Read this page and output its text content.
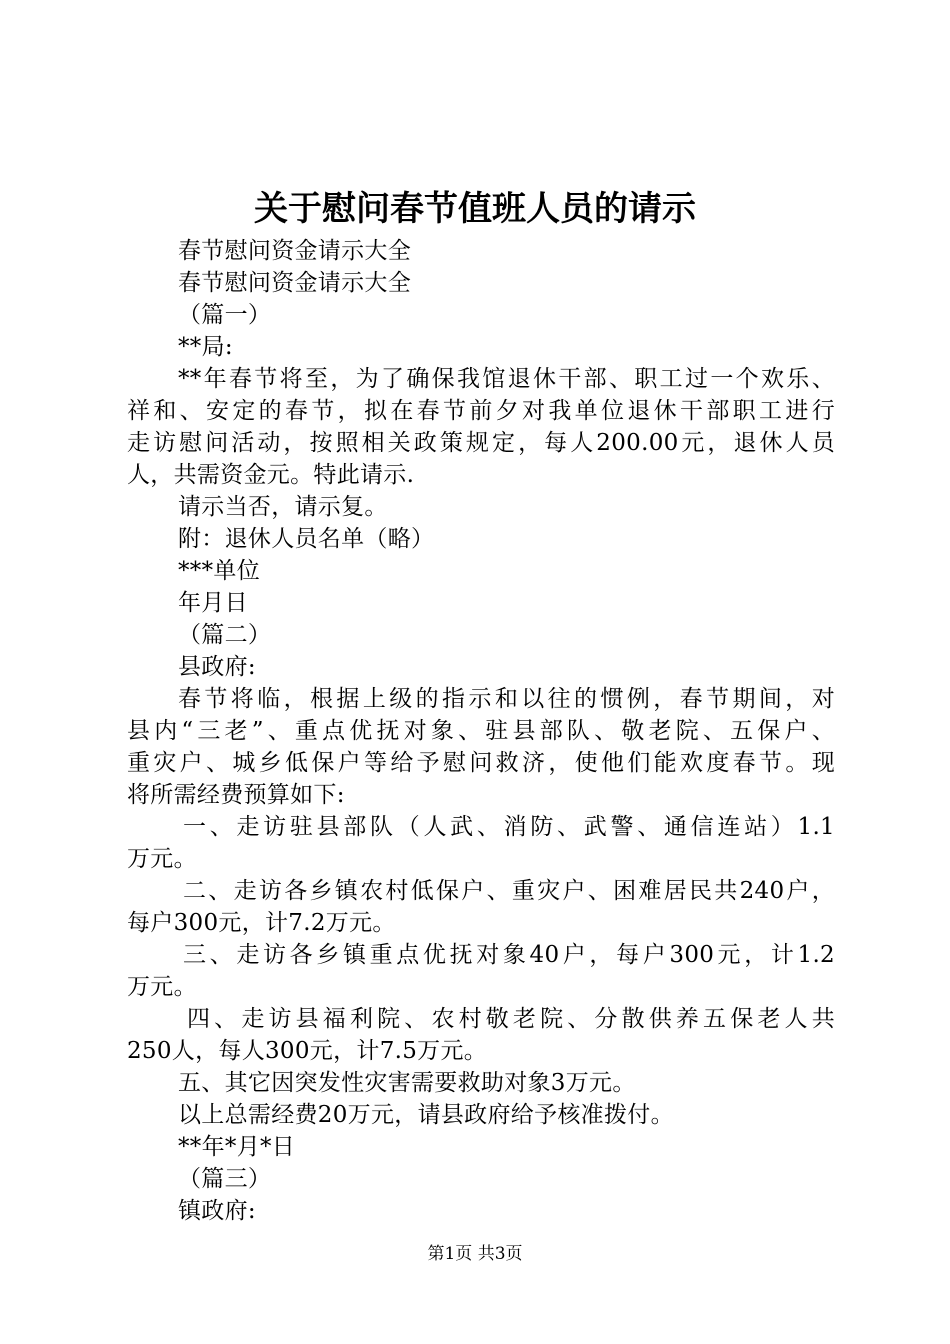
关于慰问春节值班人员的请示
春节慰问资金请示大全
春节慰问资金请示大全
（篇一）
**局:
**年春节将至，为了确保我馆退休干部、职工过一个欢乐、
祥和、安定的春节，拟在春节前夕对我单位退休干部职工进行
走访慰问活动，按照相关政策规定，每人200.00元，退休人员
人，共需资金元。特此请示.
请示当否，请示复。
附：退休人员名单（略）
***单位
年月日
（篇二）
县政府:
春节将临，根据上级的指示和以往的惯例，春节期间，对
县内“三老”、重点优抚对象、驻县部队、敬老院、五保户、
重灾户、城乡低保户等给予慰问救济，使他们能欢度春节。现
将所需经费预算如下:
一、走访驻县部队（人武、消防、武警、通信连站）1.1
万元。
二、走访各乡镇农村低保户、重灾户、困难居民共240户，
每户300元，计7.2万元。
三、走访各乡镇重点优抚对象40户，每户300元，计1.2
万元。
四、走访县福利院、农村敬老院、分散供养五保老人共
250人，每人300元，计7.5万元。
五、其它因突发性灾害需要救助对象3万元。
以上总需经费20万元，请县政府给予核准拨付。
**年*月*日
（篇三）
镇政府:
第1页 共3页
